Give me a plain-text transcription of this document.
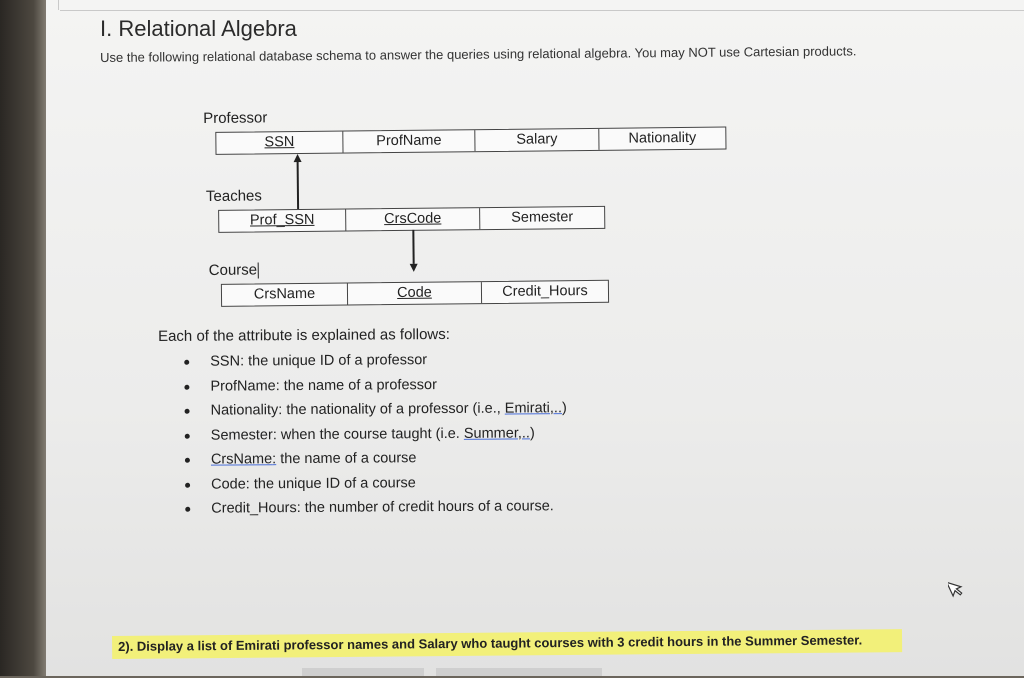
I. Relational Algebra
Use the following relational database schema to answer the queries using relational algebra. You may NOT use Cartesian products.
Professor
SSN	ProfName	Salary	Nationality
Teaches
Prof_SSN	CrsCode	Semester
Course
CrsName	Code	Credit_Hours
Each of the attribute is explained as follows:
SSN: the unique ID of a professor
ProfName: the name of a professor
Nationality: the nationality of a professor (i.e., Emirati,..)
Semester: when the course taught (i.e. Summer,..)
CrsName: the name of a course
Code: the unique ID of a course
Credit_Hours: the number of credit hours of a course.
2). Display a list of Emirati professor names and Salary who taught courses with 3 credit hours in the Summer Semester.
